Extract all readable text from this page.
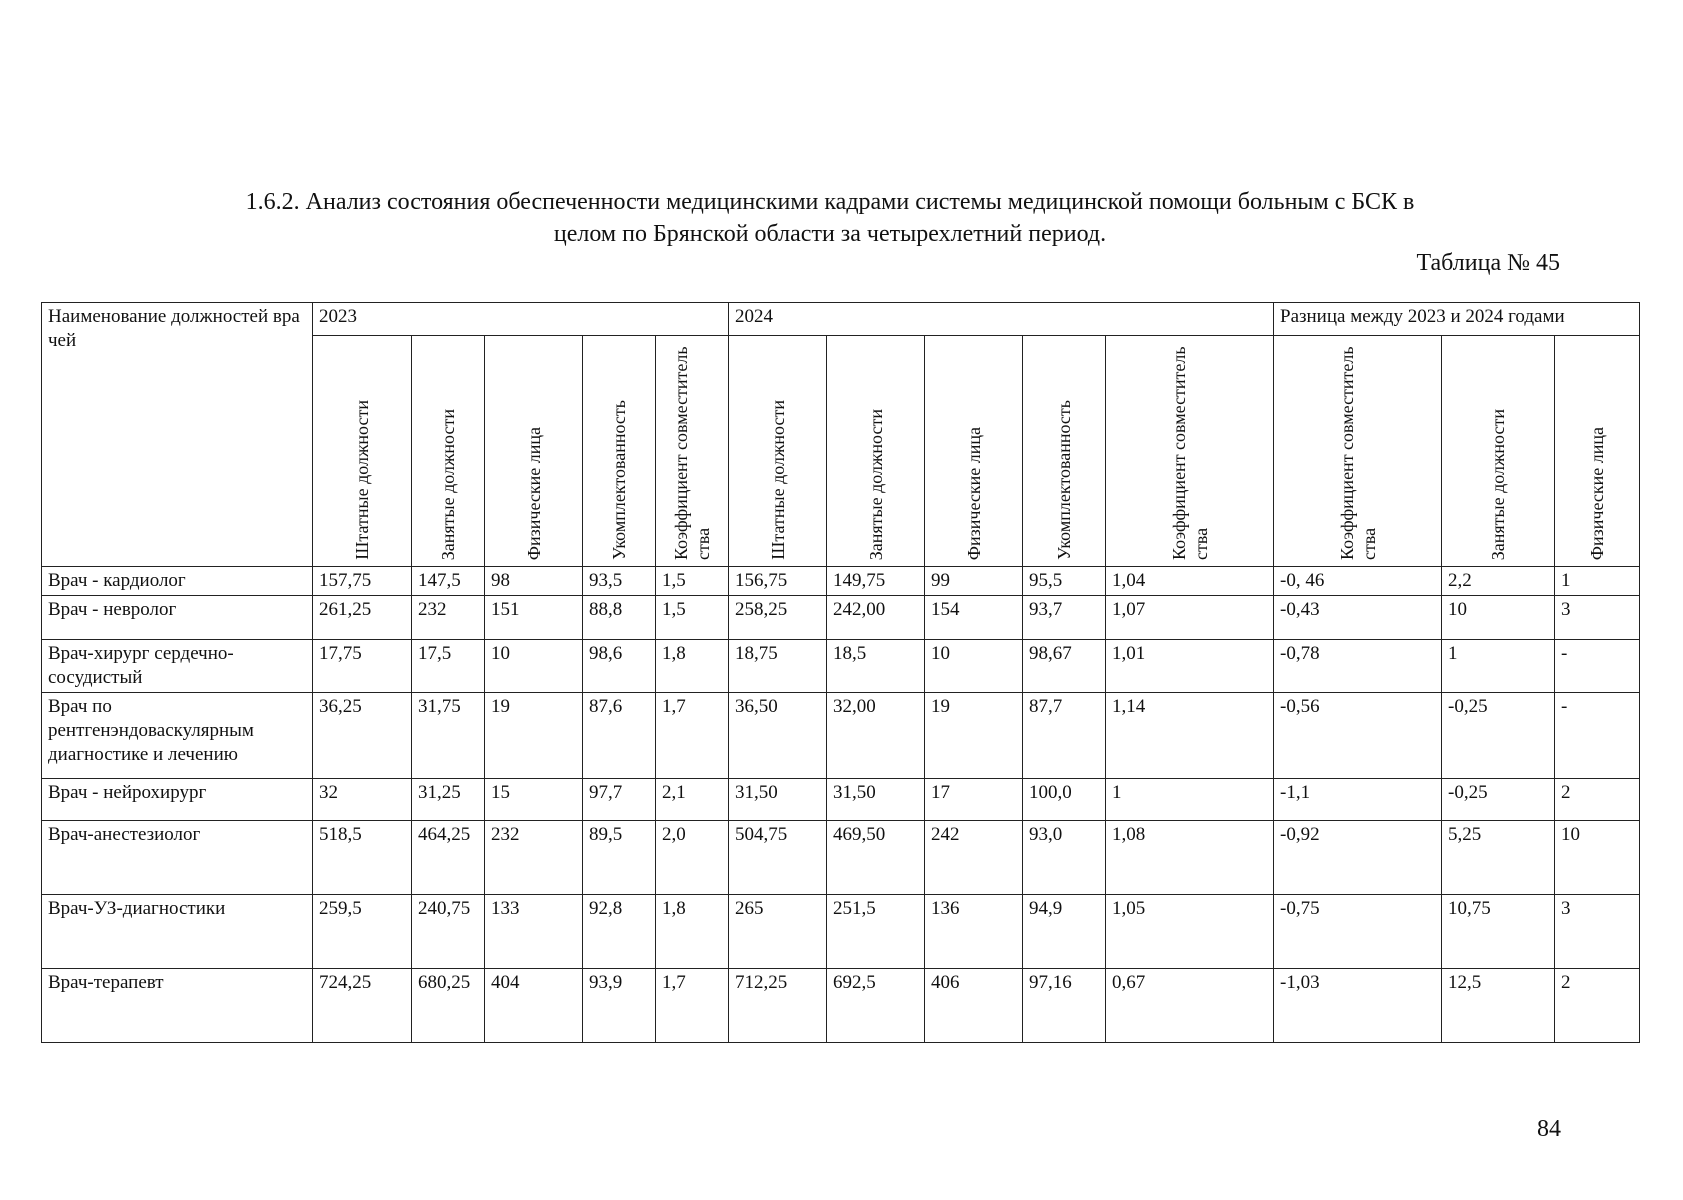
1.6.2. Анализ состояния обеспеченности медицинскими кадрами системы медицинской помощи больным с БСК в
целом по Брянской области за четырехлетний период.
Таблица № 45
Наименование должностей врачей	2023					2024					Разница между 2023 и 2024 годами		

	Штатные должности	Занятые должности	Физические лица	Укомплектованность	Коэффициент совместительства	Штатные должности	Занятые должности	Физические лица	Укомплектованность	Коэффициент совместительства	Коэффициент совместительства	Занятые должности	Физические лица

Врач - кардиолог	157,75	147,5	98	93,5	1,5	156,75	149,75	99	95,5	1,04	-0, 46	2,2	1
Врач - невролог	261,25	232	151	88,8	1,5	258,25	242,00	154	93,7	1,07	-0,43	10	3
Врач-хирург сердечно-сосудистый	17,75	17,5	10	98,6	1,8	18,75	18,5	10	98,67	1,01	-0,78	1	-
Врач по рентгенэндоваскулярным диагностике и лечению	36,25	31,75	19	87,6	1,7	36,50	32,00	19	87,7	1,14	-0,56	-0,25	-
Врач - нейрохирург	32	31,25	15	97,7	2,1	31,50	31,50	17	100,0	1	-1,1	-0,25	2
Врач-анестезиолог	518,5	464,25	232	89,5	2,0	504,75	469,50	242	93,0	1,08	-0,92	5,25	10
Врач-УЗ-диагностики	259,5	240,75	133	92,8	1,8	265	251,5	136	94,9	1,05	-0,75	10,75	3
Врач-терапевт	724,25	680,25	404	93,9	1,7	712,25	692,5	406	97,16	0,67	-1,03	12,5	2
84
